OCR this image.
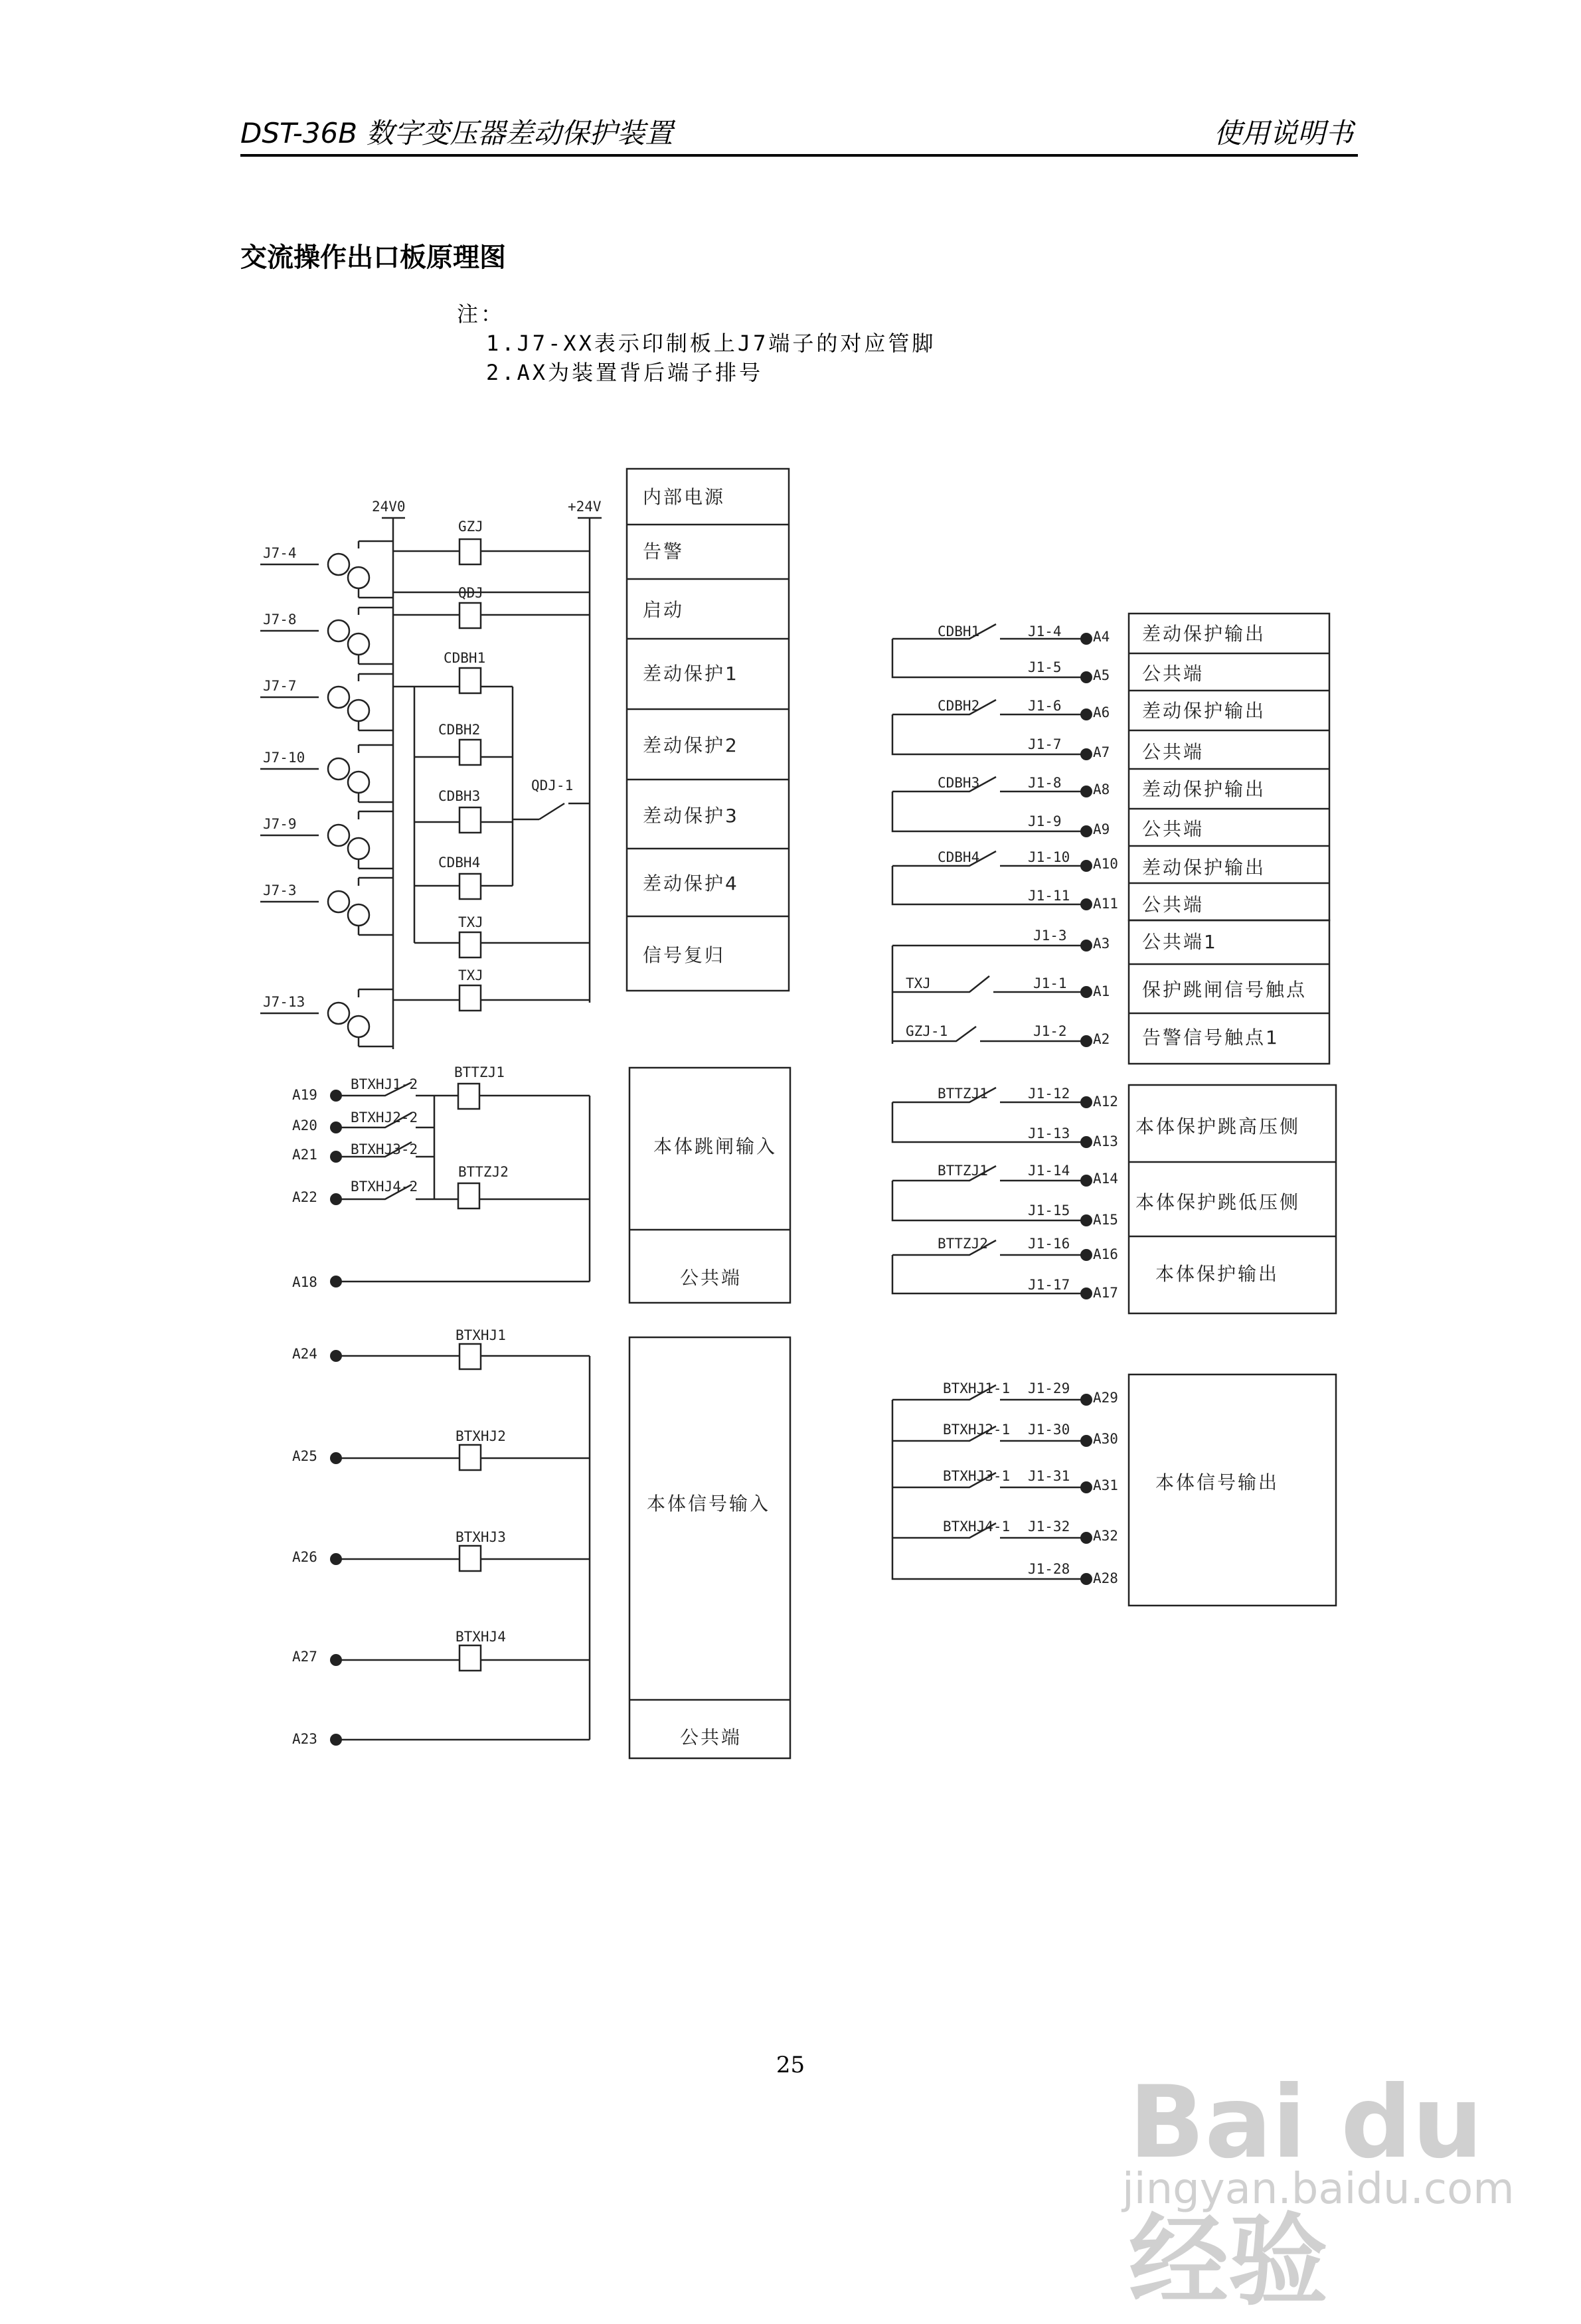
DST-36B 数字变压器差动保护装置	使用说明书
交流操作出口板原理图
注：
1.J7-XX表示印制板上J7端子的对应管脚
2.AX为装置背后端子排号
24V0	+24V
J7-4
J7-8
J7-7
J7-10
J7-9
J7-3
J7-13
GZJ
QDJ
CDBH1
CDBH2
CDBH3
CDBH4
QDJ-1
TXJ
TXJ
内部电源
告警
启动
差动保护1
差动保护2
差动保护3
差动保护4
信号复归
CDBH1	J1-4
J1-5
A4
A5
差动保护输出
公共端
CDBH2	J1-6
J1-7
A6
A7
差动保护输出
公共端
CDBH3	J1-8
J1-9
A8
A9
差动保护输出
公共端
CDBH4	J1-10
J1-11
A10
A11
差动保护输出
公共端
J1-3
J1-1
J1-2
A3
A1
A2
TXJ
GZJ-1
公共端1
保护跳闸信号触点
告警信号触点1
本体跳闸输入
公共端
A19
A20
A21
A22
A18
BTXHJ1-2
BTXHJ2-2
BTXHJ3-2
BTXHJ4-2
BTTZJ1
BTTZJ2
本体保护跳高压侧
本体保护跳低压侧
本体保护输出
BTTZJ1
BTTZJ1
BTTZJ2
J1-12
J1-13
J1-14
J1-15
J1-16
J1-17
A12
A13
A14
A15
A16
A17
本体信号输入
公共端
A24
A25
A26
A27
A23
BTXHJ1
BTXHJ2
BTXHJ3
BTXHJ4
本体信号输出
BTXHJ1-1
BTXHJ2-1
BTXHJ3-1
BTXHJ4-1
J1-29
J1-30
J1-31
J1-32
J1-28
A29
A30
A31
A32
A28
25	Bai du 经验
jingyan.baidu.com
